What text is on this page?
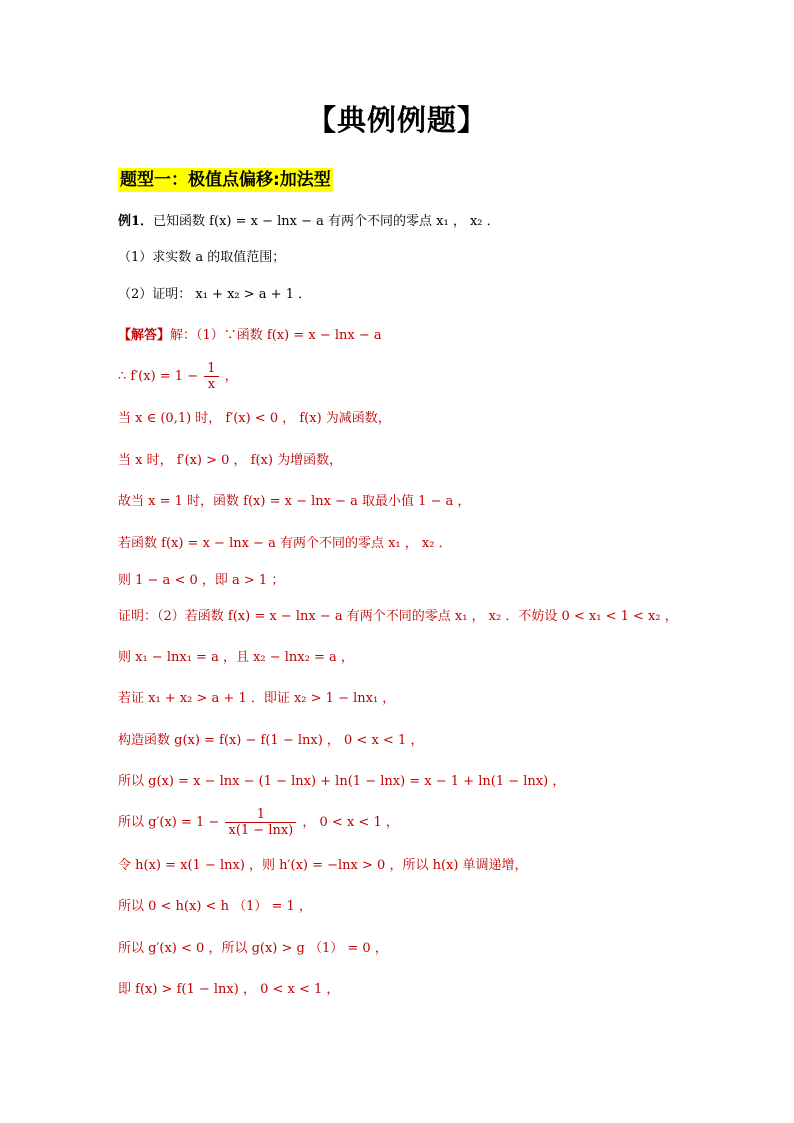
【典例例题】
题型一：极值点偏移:加法型
例1．已知函数 f(x) = x − lnx − a 有两个不同的零点 x₁ ， x₂ ．
（1）求实数 a 的取值范围；
（2）证明： x₁ + x₂ > a + 1 ．
【解答】解：（1）∵函数 f(x) = x − lnx − a
∴ $f'(x) = 1 - \frac{1}{x}$ ，
当 x ∈ (0,1) 时， f′(x) < 0 ， f(x) 为减函数，
当 x 时， f′(x) > 0 ， f(x) 为增函数，
故当 x = 1 时，函数 f(x) = x − lnx − a 取最小值 1 − a ，
若函数 f(x) = x − lnx − a 有两个不同的零点 x₁ ， x₂ ．
则 1 − a < 0 ，即 a > 1 ；
证明：（2）若函数 f(x) = x − lnx − a 有两个不同的零点 x₁ ， x₂ ．不妨设 0 < x₁ < 1 < x₂ ，
则 x₁ − lnx₁ = a ，且 x₂ − lnx₂ = a ，
若证 x₁ + x₂ > a + 1 ．即证 x₂ > 1 − lnx₁ ，
构造函数 g(x) = f(x) − f(1 − lnx) ， 0 < x < 1 ，
所以 g(x) = x − lnx − (1 − lnx) + ln(1 − lnx) = x − 1 + ln(1 − lnx) ，
所以 $g'(x) = 1 - \frac{1}{x(1 - \ln x)}$ ， 0 < x < 1 ，
令 h(x) = x(1 − lnx) ，则 h′(x) = −lnx > 0 ，所以 h(x) 单调递增，
所以 0 < h(x) < h （1） = 1 ，
所以 g′(x) < 0 ，所以 g(x) > g （1） = 0 ，
即 f(x) > f(1 − lnx) ， 0 < x < 1 ，
